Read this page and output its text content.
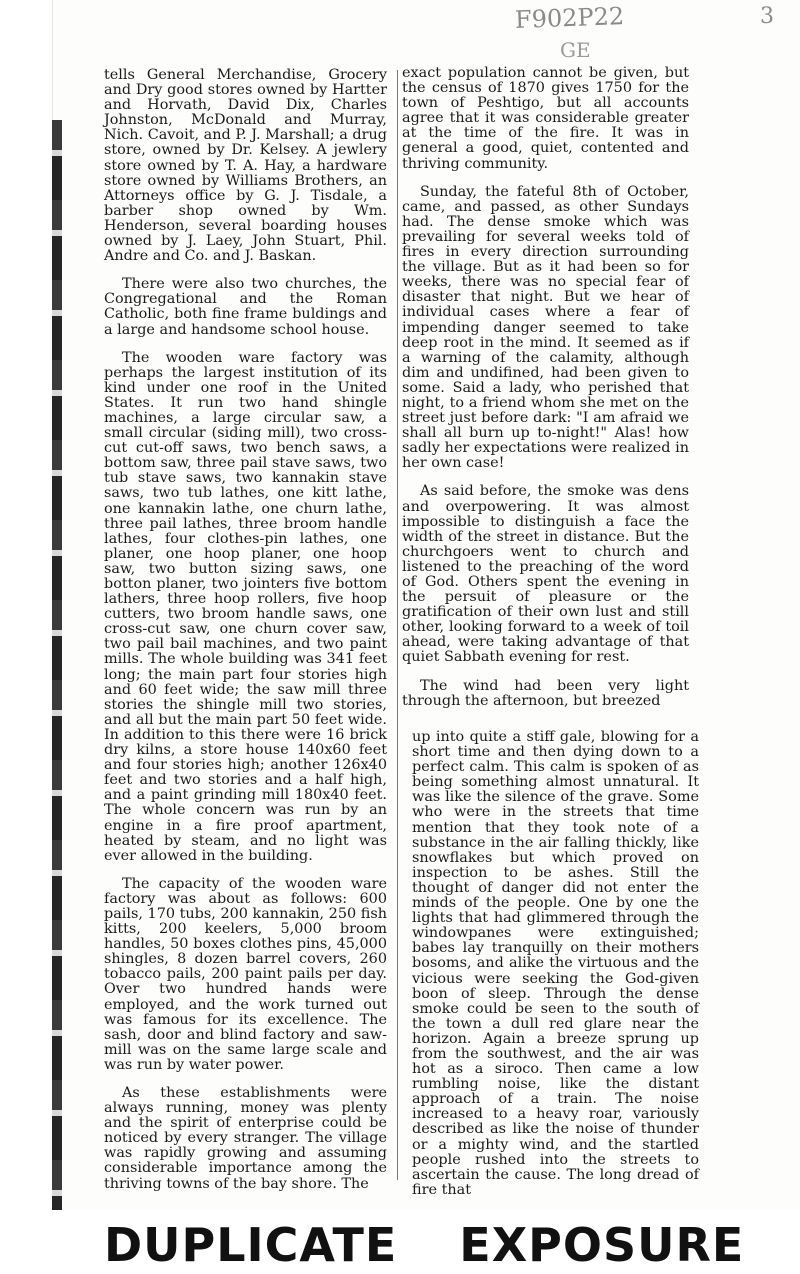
F902P22
GE
3

tells General Merchandise, Grocery and Dry good stores owned by Hartter and Horvath, David Dix, Charles Johnston, McDonald and Murray, Nich. Cavoit, and P. J. Marshall; a drug store, owned by Dr. Kelsey. A jewlery store owned by T. A. Hay, a hardware store owned by Williams Brothers, an Attorneys office by G. J. Tisdale, a barber shop owned by Wm. Henderson, several boarding houses owned by J. Laey, John Stuart, Phil. Andre and Co. and J. Baskan.

There were also two churches, the Congregational and the Roman Catholic, both fine frame buldings and a large and handsome school house.

The wooden ware factory was perhaps the largest institution of its kind under one roof in the United States. It run two hand shingle machines, a large circular saw, a small circular (siding mill), two cross-cut cut-off saws, two bench saws, a bottom saw, three pail stave saws, two tub stave saws, two kannakin stave saws, two tub lathes, one kitt lathe, one kannakin lathe, one churn lathe, three pail lathes, three broom handle lathes, four clothes-pin lathes, one planer, one hoop planer, one hoop saw, two button sizing saws, one botton planer, two jointers five bottom lathers, three hoop rollers, five hoop cutters, two broom handle saws, one cross-cut saw, one churn cover saw, two pail bail machines, and two paint mills. The whole building was 341 feet long; the main part four stories high and 60 feet wide; the saw mill three stories the shingle mill two stories, and all but the main part 50 feet wide. In addition to this there were 16 brick dry kilns, a store house 140x60 feet and four stories high; another 126x40 feet and two stories and a half high, and a paint grinding mill 180x40 feet. The whole concern was run by an engine in a fire proof apartment, heated by steam, and no light was ever allowed in the building.

The capacity of the wooden ware factory was about as follows: 600 pails, 170 tubs, 200 kannakin, 250 fish kitts, 200 keelers, 5,000 broom handles, 50 boxes clothes pins, 45,000 shingles, 8 dozen barrel covers, 260 tobacco pails, 200 paint pails per day. Over two hundred hands were employed, and the work turned out was famous for its excellence. The sash, door and blind factory and saw-mill was on the same large scale and was run by water power.

As these establishments were always running, money was plenty and the spirit of enterprise could be noticed by every stranger. The village was rapidly growing and assuming considerable importance among the thriving towns of the bay shore. The

exact population cannot be given, but the census of 1870 gives 1750 for the town of Peshtigo, but all accounts agree that it was considerable greater at the time of the fire. It was in general a good, quiet, contented and thriving community.

Sunday, the fateful 8th of October, came, and passed, as other Sundays had. The dense smoke which was prevailing for several weeks told of fires in every direction surrounding the village. But as it had been so for weeks, there was no special fear of disaster that night. But we hear of individual cases where a fear of impending danger seemed to take deep root in the mind. It seemed as if a warning of the calamity, although dim and undifined, had been given to some. Said a lady, who perished that night, to a friend whom she met on the street just before dark: "I am afraid we shall all burn up to-night!" Alas! how sadly her expectations were realized in her own case!

As said before, the smoke was dens and overpowering. It was almost impossible to distinguish a face the width of the street in distance. But the churchgoers went to church and listened to the preaching of the word of God. Others spent the evening in the persuit of pleasure or the gratification of their own lust and still other, looking forward to a week of toil ahead, were taking advantage of that quiet Sabbath evening for rest.

The wind had been very light through the afternoon, but breezed

up into quite a stiff gale, blowing for a short time and then dying down to a perfect calm. This calm is spoken of as being something almost unnatural. It was like the silence of the grave. Some who were in the streets that time mention that they took note of a substance in the air falling thickly, like snowflakes but which proved on inspection to be ashes. Still the thought of danger did not enter the minds of the people. One by one the lights that had glimmered through the windowpanes were extinguished; babes lay tranquilly on their mothers bosoms, and alike the virtuous and the vicious were seeking the God-given boon of sleep. Through the dense smoke could be seen to the south of the town a dull red glare near the horizon. Again a breeze sprung up from the southwest, and the air was hot as a siroco. Then came a low rumbling noise, like the distant approach of a train. The noise increased to a heavy roar, variously described as like the noise of thunder or a mighty wind, and the startled people rushed into the streets to ascertain the cause. The long dread of fire that

DUPLICATE EXPOSURE
